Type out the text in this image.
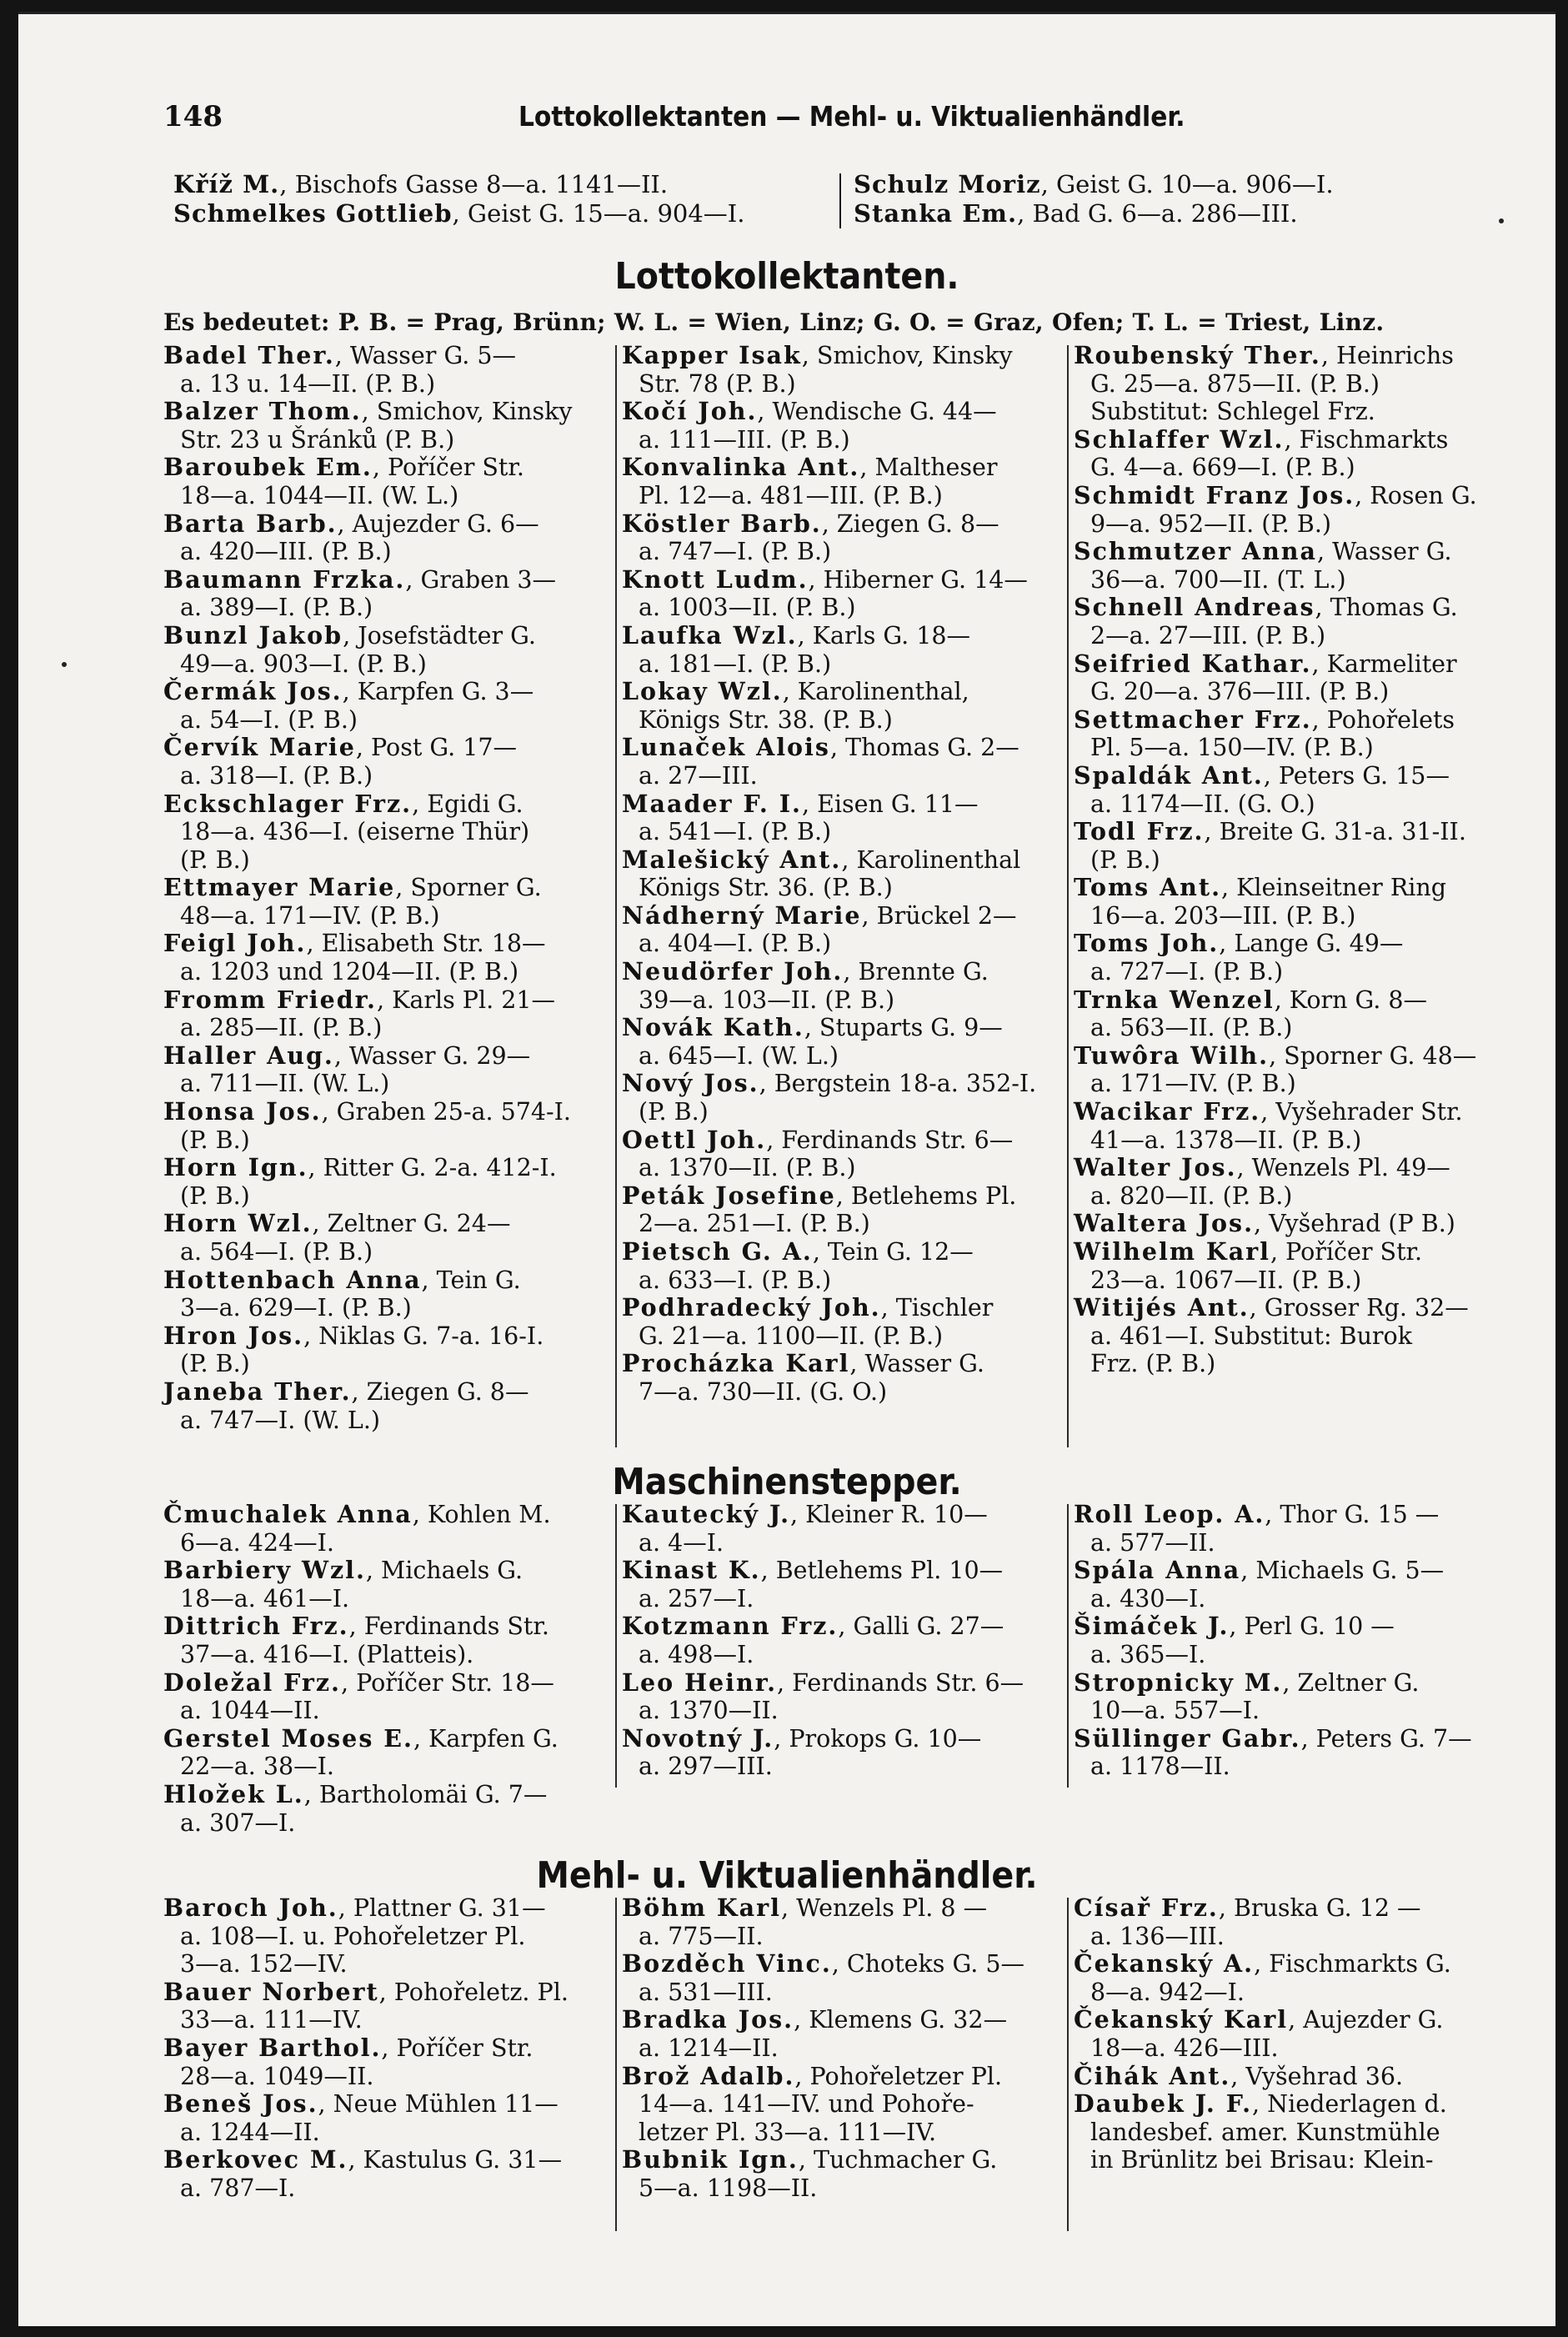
148	Lottokollektanten — Mehl- u. Viktualienhändler.
Kříž M., Bischofs Gasse 8—a. 1141—II.
Schmelkes Gottlieb, Geist G. 15—a. 904—I.
Schulz Moriz, Geist G. 10—a. 906—I.
Stanka Em., Bad G. 6—a. 286—III.
Lottokollektanten.
Es bedeutet: P. B. = Prag, Brünn; W. L. = Wien, Linz; G. O. = Graz, Ofen; T. L. = Triest, Linz.
Badel Ther., Wasser G. 5—
a. 13 u. 14—II. (P. B.)
Balzer Thom., Smichov, Kinsky
Str. 23 u Šránků (P. B.)
Baroubek Em., Poříčer Str.
18—a. 1044—II. (W. L.)
Barta Barb., Aujezder G. 6—
a. 420—III. (P. B.)
Baumann Frzka., Graben 3—
a. 389—I. (P. B.)
Bunzl Jakob, Josefstädter G.
49—a. 903—I. (P. B.)
Čermák Jos., Karpfen G. 3—
a. 54—I. (P. B.)
Červík Marie, Post G. 17—
a. 318—I. (P. B.)
Eckschlager Frz., Egidi G.
18—a. 436—I. (eiserne Thür)
(P. B.)
Ettmayer Marie, Sporner G.
48—a. 171—IV. (P. B.)
Feigl Joh., Elisabeth Str. 18—
a. 1203 und 1204—II. (P. B.)
Fromm Friedr., Karls Pl. 21—
a. 285—II. (P. B.)
Haller Aug., Wasser G. 29—
a. 711—II. (W. L.)
Honsa Jos., Graben 25-a. 574-I.
(P. B.)
Horn Ign., Ritter G. 2-a. 412-I.
(P. B.)
Horn Wzl., Zeltner G. 24—
a. 564—I. (P. B.)
Hottenbach Anna, Tein G.
3—a. 629—I. (P. B.)
Hron Jos., Niklas G. 7-a. 16-I.
(P. B.)
Janeba Ther., Ziegen G. 8—
a. 747—I. (W. L.)
Kapper Isak, Smichov, Kinsky
Str. 78 (P. B.)
Kočí Joh., Wendische G. 44—
a. 111—III. (P. B.)
Konvalinka Ant., Maltheser
Pl. 12—a. 481—III. (P. B.)
Köstler Barb., Ziegen G. 8—
a. 747—I. (P. B.)
Knott Ludm., Hiberner G. 14—
a. 1003—II. (P. B.)
Laufka Wzl., Karls G. 18—
a. 181—I. (P. B.)
Lokay Wzl., Karolinenthal,
Königs Str. 38. (P. B.)
Lunaček Alois, Thomas G. 2—
a. 27—III.
Maader F. I., Eisen G. 11—
a. 541—I. (P. B.)
Malešický Ant., Karolinenthal
Königs Str. 36. (P. B.)
Nádherný Marie, Brückel 2—
a. 404—I. (P. B.)
Neudörfer Joh., Brennte G.
39—a. 103—II. (P. B.)
Novák Kath., Stuparts G. 9—
a. 645—I. (W. L.)
Nový Jos., Bergstein 18-a. 352-I.
(P. B.)
Oettl Joh., Ferdinands Str. 6—
a. 1370—II. (P. B.)
Peták Josefine, Betlehems Pl.
2—a. 251—I. (P. B.)
Pietsch G. A., Tein G. 12—
a. 633—I. (P. B.)
Podhradecký Joh., Tischler
G. 21—a. 1100—II. (P. B.)
Procházka Karl, Wasser G.
7—a. 730—II. (G. O.)
Roubenský Ther., Heinrichs
G. 25—a. 875—II. (P. B.)
Substitut: Schlegel Frz.
Schlaffer Wzl., Fischmarkts
G. 4—a. 669—I. (P. B.)
Schmidt Franz Jos., Rosen G.
9—a. 952—II. (P. B.)
Schmutzer Anna, Wasser G.
36—a. 700—II. (T. L.)
Schnell Andreas, Thomas G.
2—a. 27—III. (P. B.)
Seifried Kathar., Karmeliter
G. 20—a. 376—III. (P. B.)
Settmacher Frz., Pohořelets
Pl. 5—a. 150—IV. (P. B.)
Spaldák Ant., Peters G. 15—
a. 1174—II. (G. O.)
Todl Frz., Breite G. 31-a. 31-II.
(P. B.)
Toms Ant., Kleinseitner Ring
16—a. 203—III. (P. B.)
Toms Joh., Lange G. 49—
a. 727—I. (P. B.)
Trnka Wenzel, Korn G. 8—
a. 563—II. (P. B.)
Tuwôra Wilh., Sporner G. 48—
a. 171—IV. (P. B.)
Wacikar Frz., Vyšehrader Str.
41—a. 1378—II. (P. B.)
Walter Jos., Wenzels Pl. 49—
a. 820—II. (P. B.)
Waltera Jos., Vyšehrad (P B.)
Wilhelm Karl, Poříčer Str.
23—a. 1067—II. (P. B.)
Witijés Ant., Grosser Rg. 32—
a. 461—I. Substitut: Burok
Frz. (P. B.)
Maschinenstepper.
Čmuchalek Anna, Kohlen M.
6—a. 424—I.
Barbiery Wzl., Michaels G.
18—a. 461—I.
Dittrich Frz., Ferdinands Str.
37—a. 416—I. (Platteis).
Doležal Frz., Poříčer Str. 18—
a. 1044—II.
Gerstel Moses E., Karpfen G.
22—a. 38—I.
Hložek L., Bartholomäi G. 7—
a. 307—I.
Kautecký J., Kleiner R. 10—
a. 4—I.
Kinast K., Betlehems Pl. 10—
a. 257—I.
Kotzmann Frz., Galli G. 27—
a. 498—I.
Leo Heinr., Ferdinands Str. 6—
a. 1370—II.
Novotný J., Prokops G. 10—
a. 297—III.
Roll Leop. A., Thor G. 15 —
a. 577—II.
Spála Anna, Michaels G. 5—
a. 430—I.
Šimáček J., Perl G. 10 —
a. 365—I.
Stropnicky M., Zeltner G.
10—a. 557—I.
Süllinger Gabr., Peters G. 7—
a. 1178—II.
Mehl- u. Viktualienhändler.
Baroch Joh., Plattner G. 31—
a. 108—I. u. Pohořeletzer Pl.
3—a. 152—IV.
Bauer Norbert, Pohořeletz. Pl.
33—a. 111—IV.
Bayer Barthol., Poříčer Str.
28—a. 1049—II.
Beneš Jos., Neue Mühlen 11—
a. 1244—II.
Berkovec M., Kastulus G. 31—
a. 787—I.
Böhm Karl, Wenzels Pl. 8 —
a. 775—II.
Bozděch Vinc., Choteks G. 5—
a. 531—III.
Bradka Jos., Klemens G. 32—
a. 1214—II.
Brož Adalb., Pohořeletzer Pl.
14—a. 141—IV. und Pohoře-
letzer Pl. 33—a. 111—IV.
Bubnik Ign., Tuchmacher G.
5—a. 1198—II.
Císař Frz., Bruska G. 12 —
a. 136—III.
Čekanský A., Fischmarkts G.
8—a. 942—I.
Čekanský Karl, Aujezder G.
18—a. 426—III.
Čihák Ant., Vyšehrad 36.
Daubek J. F., Niederlagen d.
landesbef. amer. Kunstmühle
in Brünlitz bei Brisau: Klein-
